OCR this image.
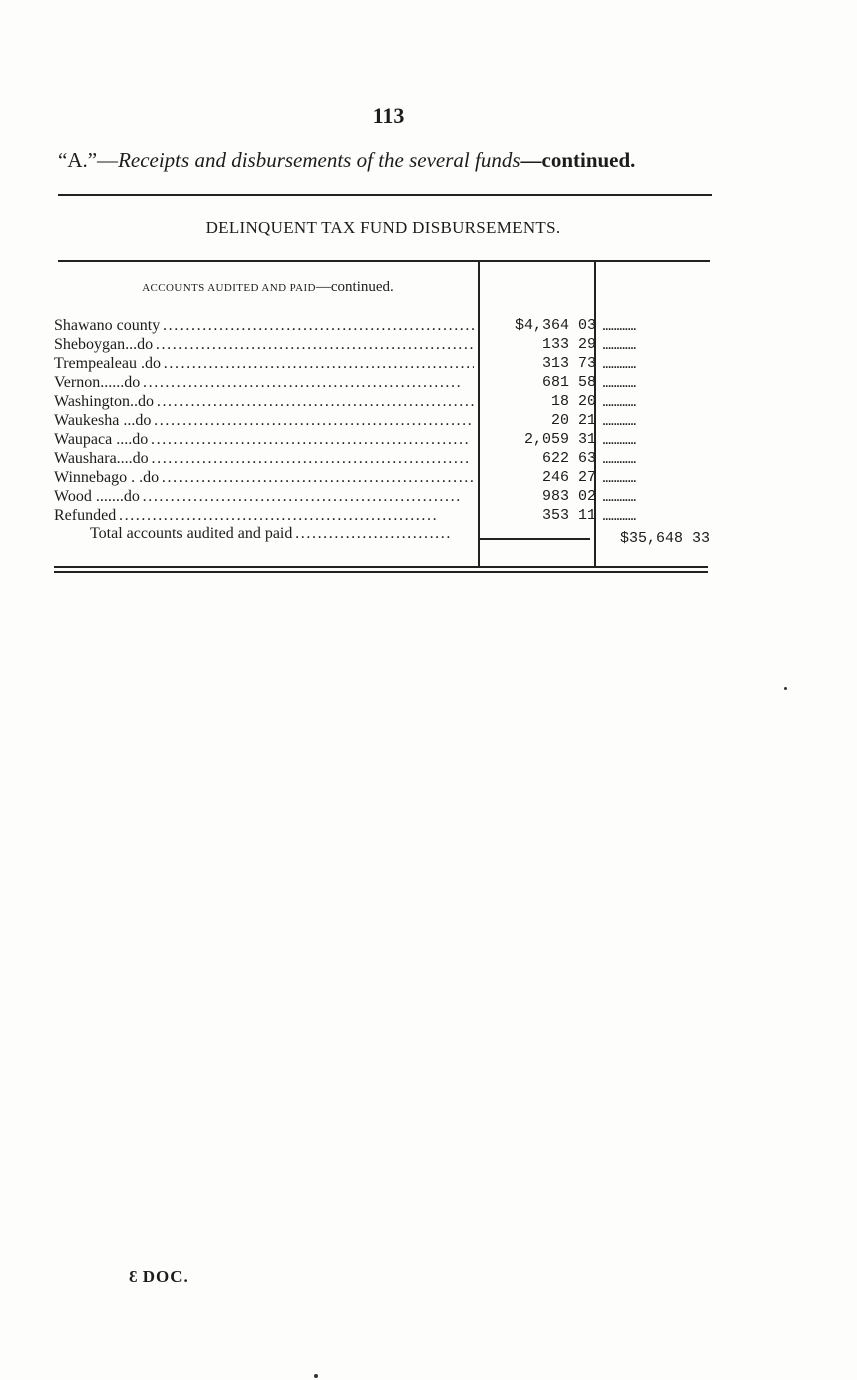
113
“A.”—Receipts and disbursements of the several funds—continued.
DELINQUENT TAX FUND DISBURSEMENTS.
ACCOUNTS AUDITED AND PAID—continued.
Shawano county . . .	$4,364 03 ............
Sheboygan...do . . .	133 29 ............
Trempealeau .do . . .	313 73 ............
Vernon......do . . .	681 58 ............
Washington..do . . .	18 20 ............
Waukesha ...do . . .	20 21 ............
Waupaca ....do . . .	2,059 31 ............
Waushara....do . . .	622 63 ............
Winnebago . .do . . .	246 27 ............
Wood .......do . . .	983 02 ............
Refunded . . .	353 11 ............
Total accounts audited and paid . . .	$35,648 33
3 DOC.
